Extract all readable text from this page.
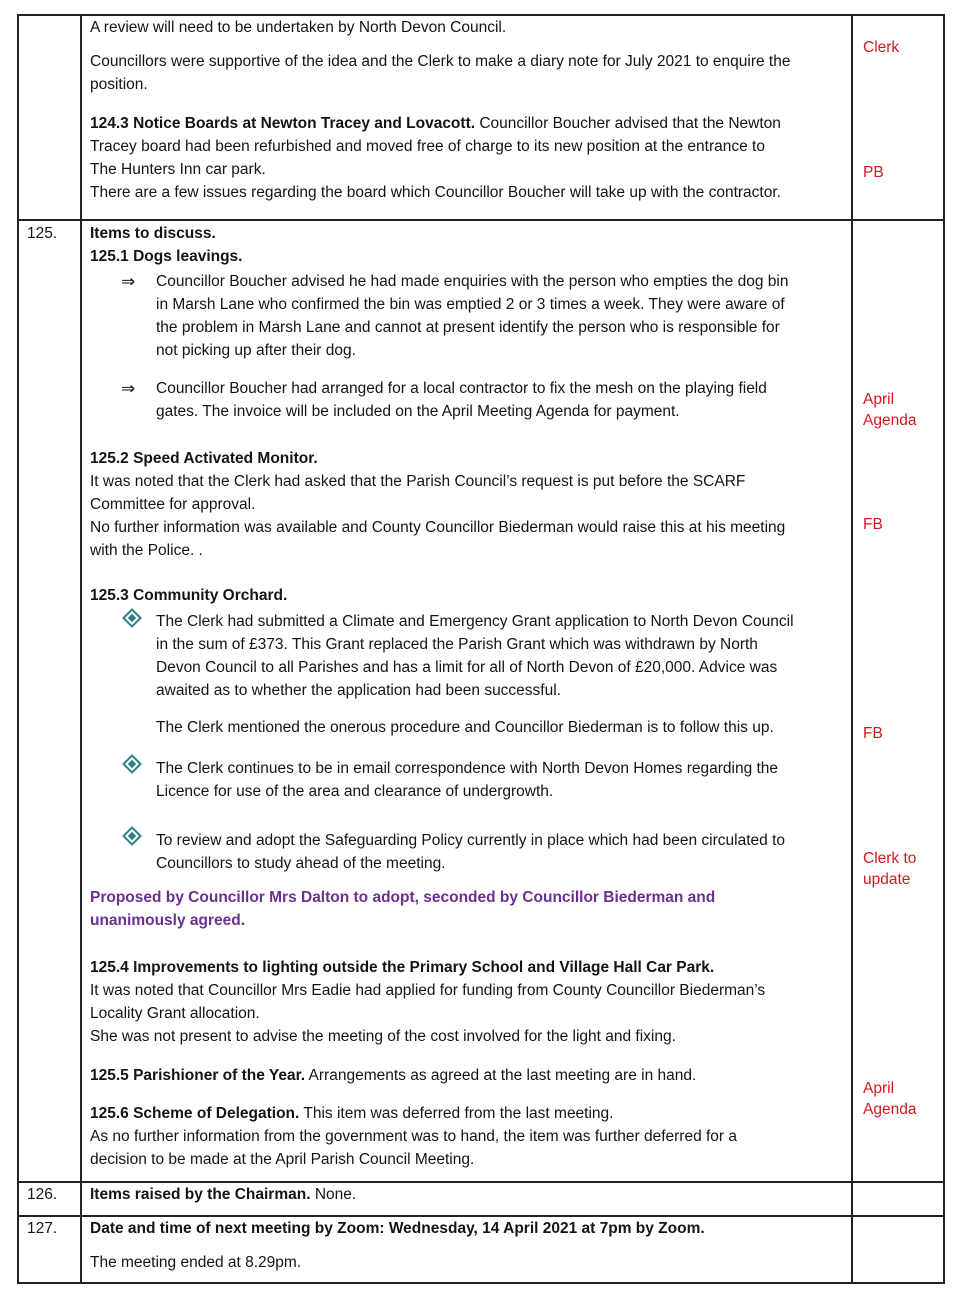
A review will need to be undertaken by North Devon Council.
Councillors were supportive of the idea and the Clerk to make a diary note for July 2021 to enquire the
position.
Clerk
124.3 Notice Boards at Newton Tracey and Lovacott. Councillor Boucher advised that the Newton
Tracey board had been refurbished and moved free of charge to its new position at the entrance to
The Hunters Inn car park.
There are a few issues regarding the board which Councillor Boucher will take up with the contractor.
PB
125. Items to discuss.
125.1 Dogs leavings.
⇒ Councillor Boucher advised he had made enquiries with the person who empties the dog bin
in Marsh Lane who confirmed the bin was emptied 2 or 3 times a week. They were aware of
the problem in Marsh Lane and cannot at present identify the person who is responsible for
not picking up after their dog.
⇒ Councillor Boucher had arranged for a local contractor to fix the mesh on the playing field
gates. The invoice will be included on the April Meeting Agenda for payment.
April
Agenda
125.2 Speed Activated Monitor.
It was noted that the Clerk had asked that the Parish Council’s request is put before the SCARF
Committee for approval.
No further information was available and County Councillor Biederman would raise this at his meeting
with the Police. .
FB
125.3 Community Orchard.
The Clerk had submitted a Climate and Emergency Grant application to North Devon Council
in the sum of £373. This Grant replaced the Parish Grant which was withdrawn by North
Devon Council to all Parishes and has a limit for all of North Devon of £20,000. Advice was
awaited as to whether the application had been successful.
The Clerk mentioned the onerous procedure and Councillor Biederman is to follow this up.	FB
The Clerk continues to be in email correspondence with North Devon Homes regarding the
Licence for use of the area and clearance of undergrowth.
To review and adopt the Safeguarding Policy currently in place which had been circulated to
Councillors to study ahead of the meeting.	Clerk to
update
Proposed by Councillor Mrs Dalton to adopt, seconded by Councillor Biederman and
unanimously agreed.
125.4 Improvements to lighting outside the Primary School and Village Hall Car Park.
It was noted that Councillor Mrs Eadie had applied for funding from County Councillor Biederman’s
Locality Grant allocation.
She was not present to advise the meeting of the cost involved for the light and fixing.
125.5 Parishioner of the Year. Arrangements as agreed at the last meeting are in hand.
125.6 Scheme of Delegation. This item was deferred from the last meeting.
As no further information from the government was to hand, the item was further deferred for a
decision to be made at the April Parish Council Meeting.
April
Agenda
126. Items raised by the Chairman. None.
127. Date and time of next meeting by Zoom: Wednesday, 14 April 2021 at 7pm by Zoom.
The meeting ended at 8.29pm.
